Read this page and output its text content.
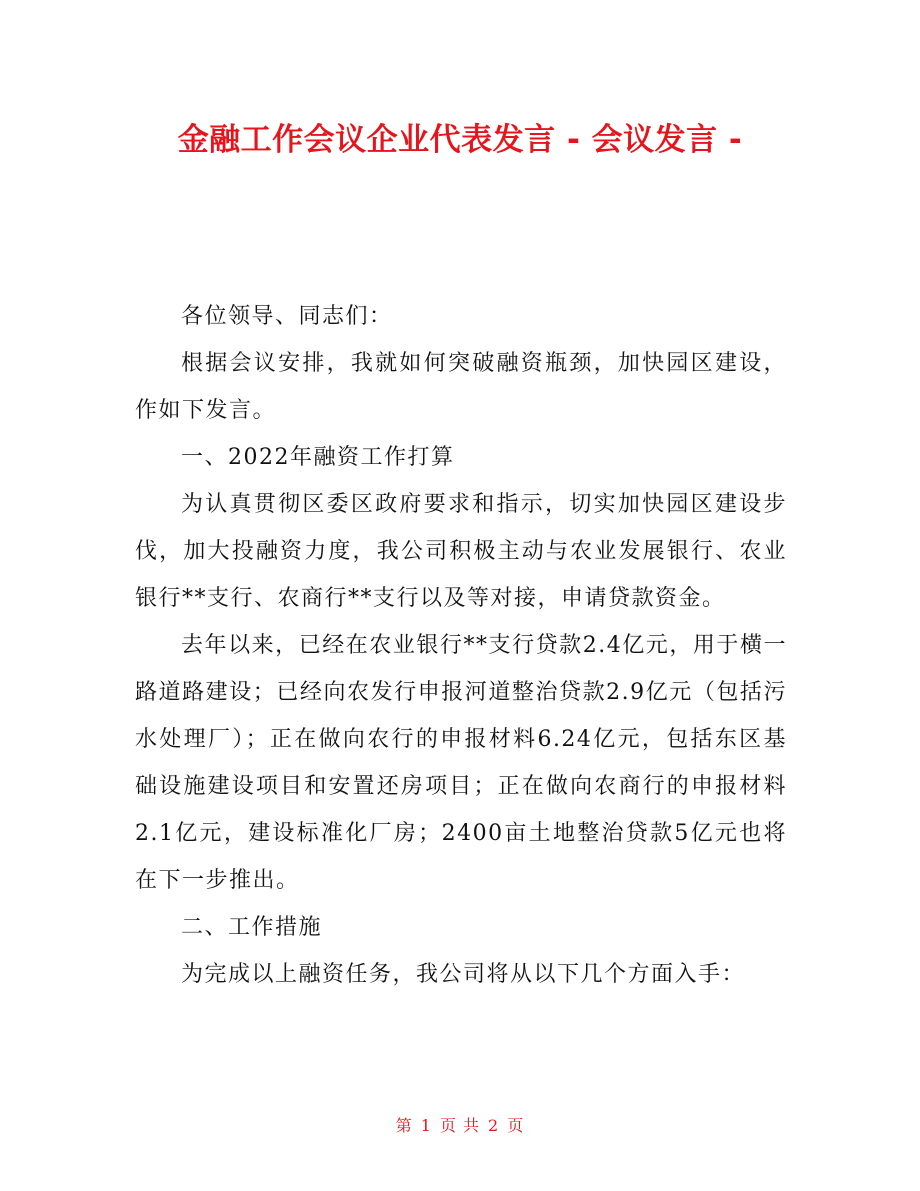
金融工作会议企业代表发言 - 会议发言 -

各位领导、同志们：

根据会议安排，我就如何突破融资瓶颈，加快园区建设，作如下发言。

一、2022年融资工作打算

为认真贯彻区委区政府要求和指示，切实加快园区建设步伐，加大投融资力度，我公司积极主动与农业发展银行、农业银行**支行、农商行**支行以及等对接，申请贷款资金。

去年以来，已经在农业银行**支行贷款2.4亿元，用于横一路道路建设；已经向农发行申报河道整治贷款2.9亿元（包括污水处理厂）；正在做向农行的申报材料6.24亿元，包括东区基础设施建设项目和安置还房项目；正在做向农商行的申报材料2.1亿元，建设标准化厂房；2400亩土地整治贷款5亿元也将在下一步推出。

二、工作措施

为完成以上融资任务，我公司将从以下几个方面入手：

第 1 页 共 2 页
